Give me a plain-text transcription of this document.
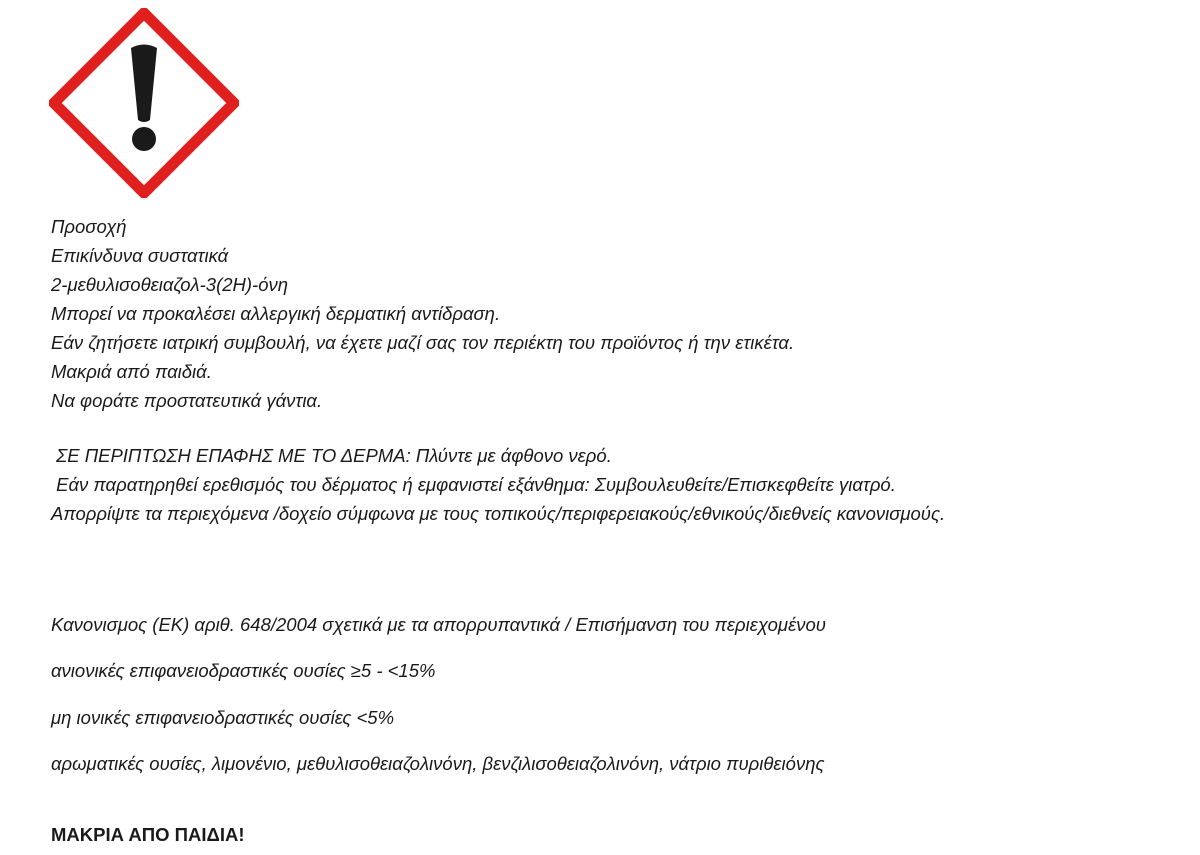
Προσοχή
Επικίνδυνα συστατικά
2-μεθυλισοθειαζολ-3(2Η)-όνη
Μπορεί να προκαλέσει αλλεργική δερματική αντίδραση.
Εάν ζητήσετε ιατρική συμβουλή, να έχετε μαζί σας τον περιέκτη του προϊόντος ή την ετικέτα.
Μακριά από παιδιά.
Να φοράτε προστατευτικά γάντια.
ΣΕ ΠΕΡΙΠΤΩΣΗ ΕΠΑΦΗΣ ΜΕ ΤΟ ΔΕΡΜΑ: Πλύντε με άφθονο νερό.
Εάν παρατηρηθεί ερεθισμός του δέρματος ή εμφανιστεί εξάνθημα: Συμβουλευθείτε/Επισκεφθείτε γιατρό.
Απορρίψτε τα περιεχόμενα /δοχείο σύμφωνα με τους τοπικούς/περιφερειακούς/εθνικούς/διεθνείς κανονισμούς.
Κανονισμος (ΕΚ) αριθ. 648/2004 σχετικά με τα απορρυπαντικά / Επισήμανση του περιεχομένου
ανιονικές επιφανειοδραστικές ουσίες ≥5 - <15%
μη ιονικές επιφανειοδραστικές ουσίες <5%
αρωματικές ουσίες, λιμονένιο, μεθυλισοθειαζολινόνη, βενζιλισοθειαζολινόνη, νάτριο πυριθειόνης
ΜΑΚΡΙΑ ΑΠΟ ΠΑΙΔΙΑ!
